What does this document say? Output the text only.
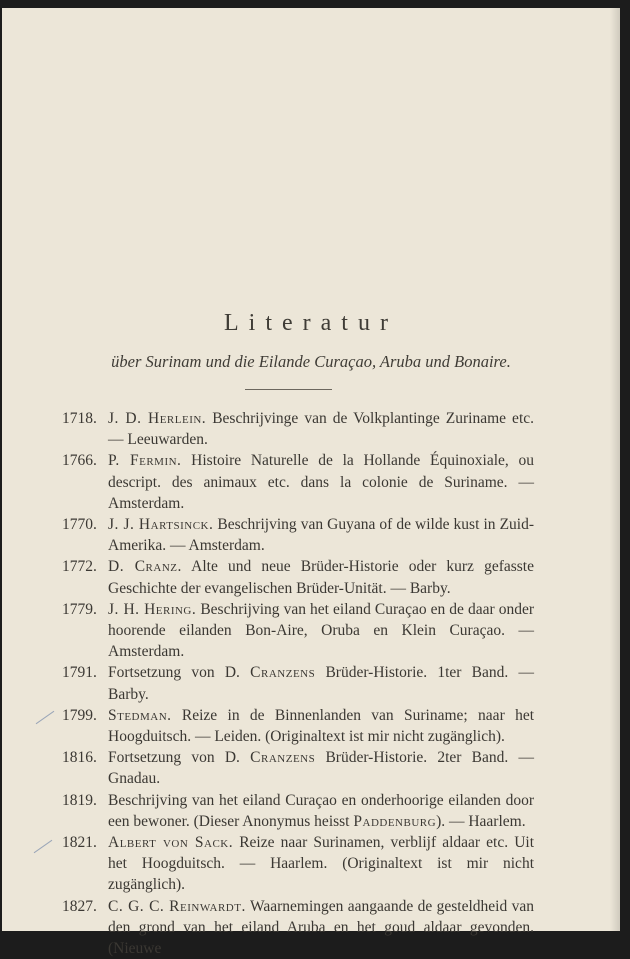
Literatur
über Surinam und die Eilande Curaçao, Aruba und Bonaire.
1718. J. D. Herlein. Beschrijvinge van de Volkplantinge Zuriname etc. — Leeuwarden.
1766. P. Fermin. Histoire Naturelle de la Hollande Équinoxiale, ou descript. des animaux etc. dans la colonie de Suriname. — Amsterdam.
1770. J. J. Hartsinck. Beschrijving van Guyana of de wilde kust in Zuid-Amerika. — Amsterdam.
1772. D. Cranz. Alte und neue Brüder-Historie oder kurz gefasste Geschichte der evangelischen Brüder-Unität. — Barby.
1779. J. H. Hering. Beschrijving van het eiland Curaçao en de daar onder hoorende eilanden Bon-Aire, Oruba en Klein Curaçao. — Amsterdam.
1791. Fortsetzung von D. Cranzens Brüder-Historie. 1ter Band. — Barby.
1799. Stedman. Reize in de Binnenlanden van Suriname; naar het Hoogduitsch. — Leiden. (Originaltext ist mir nicht zugänglich).
1816. Fortsetzung von D. Cranzens Brüder-Historie. 2ter Band. — Gnadau.
1819. Beschrijving van het eiland Curaçao en onderhoorige eilanden door een bewoner. (Dieser Anonymus heisst Paddenburg). — Haarlem.
1821. Albert von Sack. Reize naar Surinamen, verblijf aldaar etc. Uit het Hoogduitsch. — Haarlem. (Originaltext ist mir nicht zugänglich).
1827. C. G. C. Reinwardt. Waarnemingen aangaande de gesteldheid van den grond van het eiland Aruba en het goud aldaar gevonden. (Nieuwe
